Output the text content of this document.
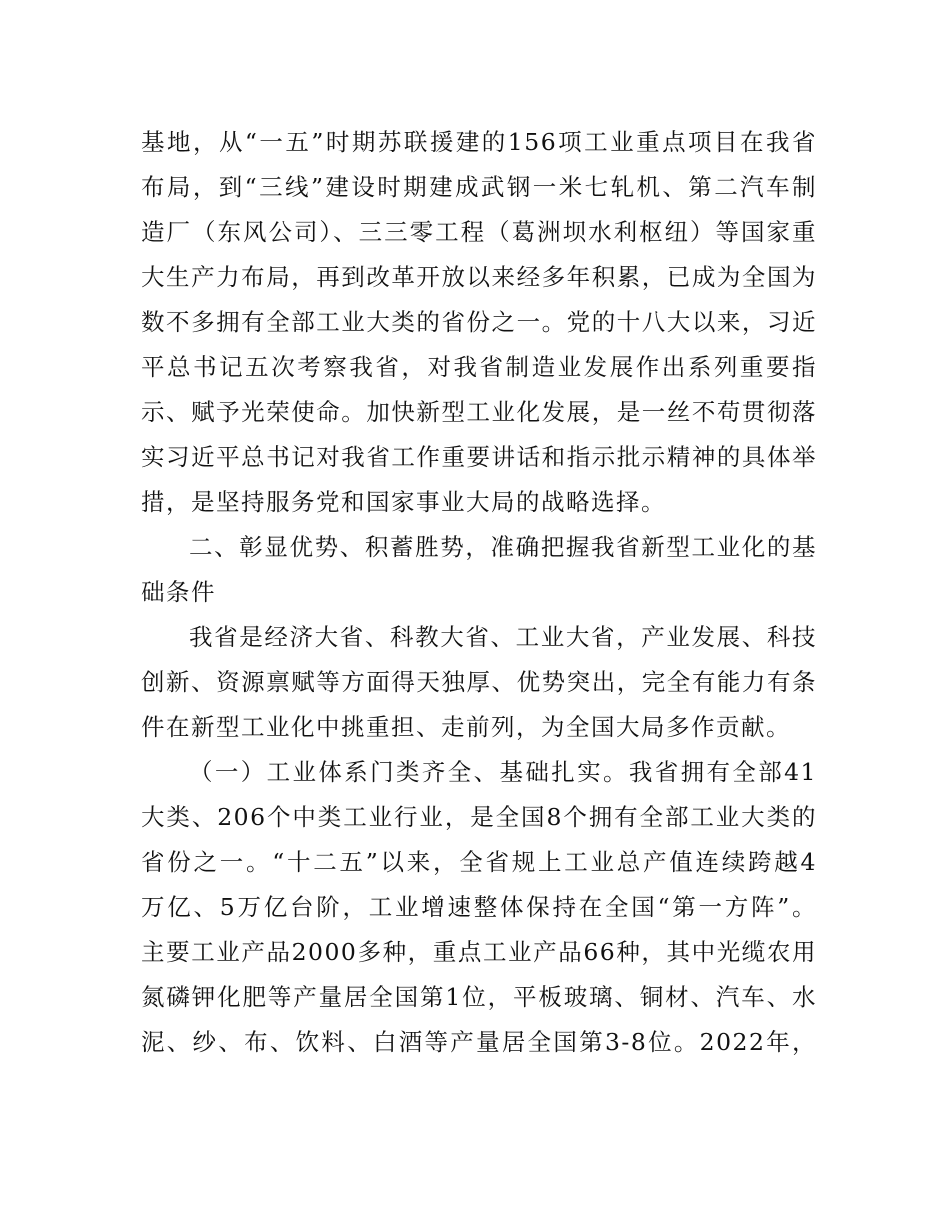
基地，从“一五”时期苏联援建的156项工业重点项目在我省
布局，到“三线”建设时期建成武钢一米七轧机、第二汽车制
造厂（东风公司）、三三零工程（葛洲坝水利枢纽）等国家重
大生产力布局，再到改革开放以来经多年积累，已成为全国为
数不多拥有全部工业大类的省份之一。党的十八大以来，习近
平总书记五次考察我省，对我省制造业发展作出系列重要指
示、赋予光荣使命。加快新型工业化发展，是一丝不苟贯彻落
实习近平总书记对我省工作重要讲话和指示批示精神的具体举
措，是坚持服务党和国家事业大局的战略选择。
二、彰显优势、积蓄胜势，准确把握我省新型工业化的基
础条件
我省是经济大省、科教大省、工业大省，产业发展、科技
创新、资源禀赋等方面得天独厚、优势突出，完全有能力有条
件在新型工业化中挑重担、走前列，为全国大局多作贡献。
（一）工业体系门类齐全、基础扎实。我省拥有全部41
大类、206个中类工业行业，是全国8个拥有全部工业大类的
省份之一。“十二五”以来，全省规上工业总产值连续跨越4
万亿、5万亿台阶，工业增速整体保持在全国“第一方阵”。
主要工业产品2000多种，重点工业产品66种，其中光缆农用
氮磷钾化肥等产量居全国第1位，平板玻璃、铜材、汽车、水
泥、纱、布、饮料、白酒等产量居全国第3-8位。2022年，
